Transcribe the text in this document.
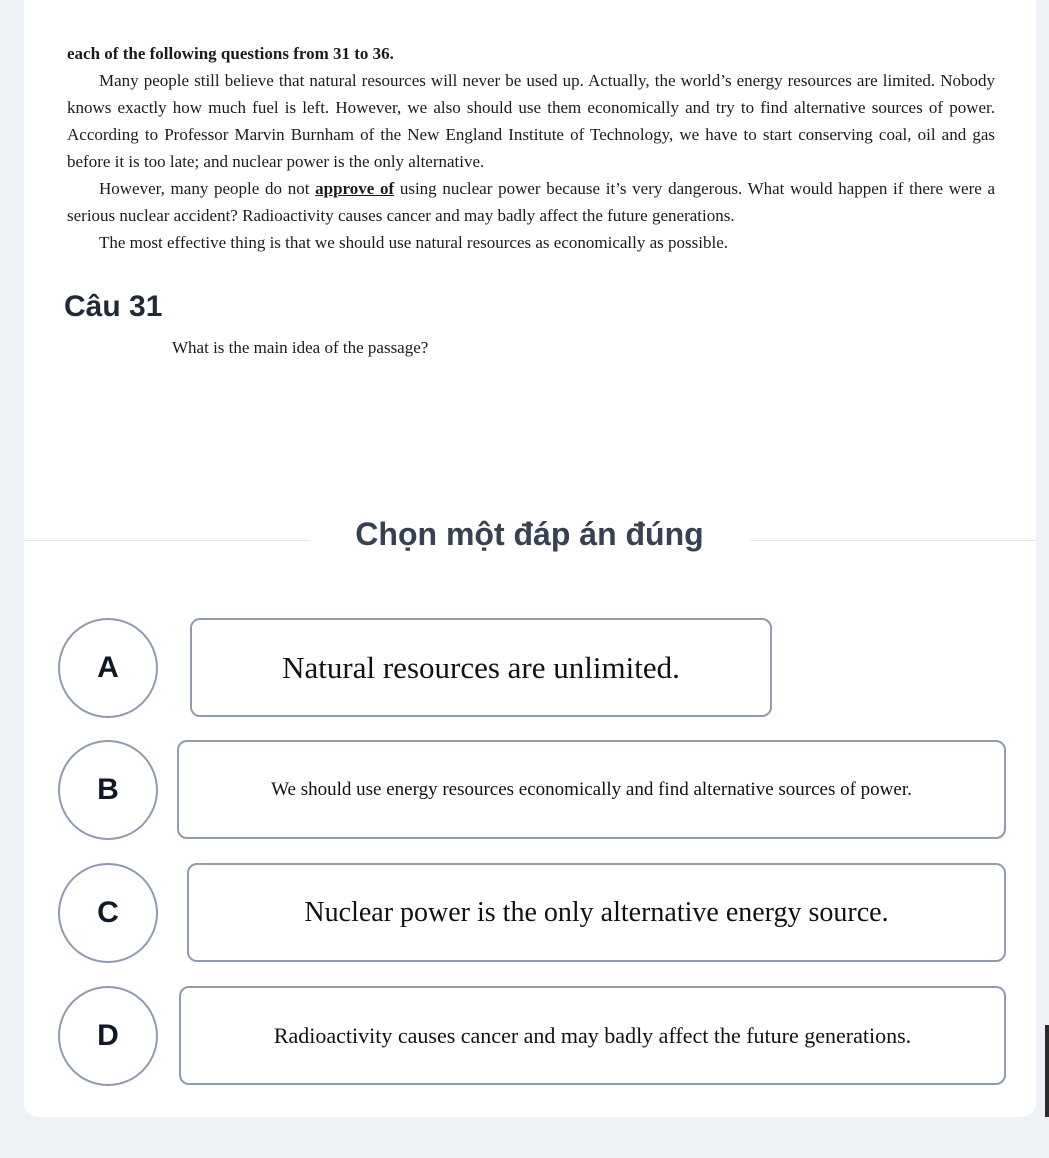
each of the following questions from 31 to 36.

Many people still believe that natural resources will never be used up. Actually, the world’s energy resources are limited. Nobody knows exactly how much fuel is left. However, we also should use them economically and try to find alternative sources of power. According to Professor Marvin Burnham of the New England Institute of Technology, we have to start conserving coal, oil and gas before it is too late; and nuclear power is the only alternative.

However, many people do not approve of using nuclear power because it’s very dangerous. What would happen if there were a serious nuclear accident? Radioactivity causes cancer and may badly affect the future generations.

The most effective thing is that we should use natural resources as economically as possible.

Câu 31
What is the main idea of the passage?
Chọn một đáp án đúng
A	Natural resources are unlimited.
B	We should use energy resources economically and find alternative sources of power.
C	Nuclear power is the only alternative energy source.
D	Radioactivity causes cancer and may badly affect the future generations.
